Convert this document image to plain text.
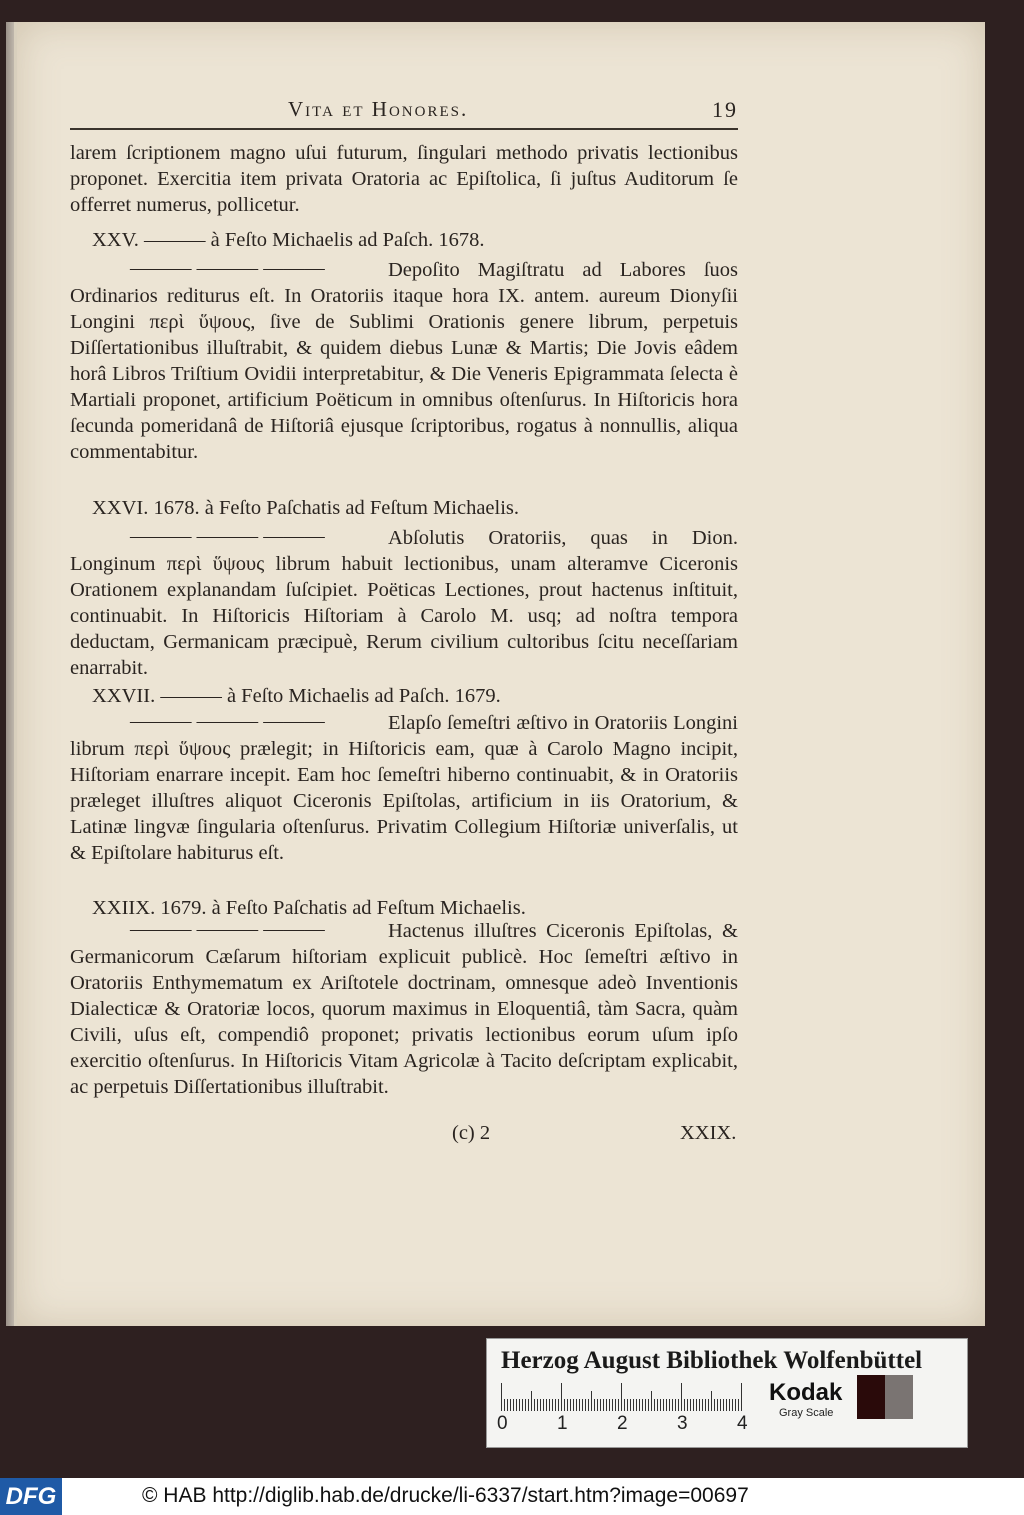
Vita et Honores.	19

larem ſcriptionem magno uſui futurum, ſingulari methodo privatis lectionibus proponet. Exercitia item privata Oratoria ac Epiſtolica, ſi juſtus Auditorum ſe offerret numerus, pollicetur.

XXV. ——— à Feſto Michaelis ad Paſch. 1678.
——— ——— ———	Depoſito Magiſtratu ad Labores ſuos Ordinarios rediturus eſt. In Oratoriis itaque hora IX. antem. aureum Dionyſii Longini περὶ ὕψους, ſive de Sublimi Orationis genere librum, perpetuis Diſſertationibus illuſtrabit, & quidem diebus Lunæ & Martis; Die Jovis eâdem horâ Libros Triſtium Ovidii interpretabitur, & Die Veneris Epigrammata ſelecta è Martiali proponet, artificium Poëticum in omnibus oſtenſurus. In Hiſtoricis hora ſecunda pomeridanâ de Hiſtoriâ ejusque ſcriptoribus, rogatus à nonnullis, aliqua commentabitur.

XXVI. 1678. à Feſto Paſchatis ad Feſtum Michaelis.
——— ——— ———	Abſolutis Oratoriis, quas in Dion. Longinum περὶ ὕψους librum habuit lectionibus, unam alteramve Ciceronis Orationem explanandam ſuſcipiet. Poëticas Lectiones, prout hactenus inſtituit, continuabit. In Hiſtoricis Hiſtoriam à Carolo M. usq; ad noſtra tempora deductam, Germanicam præcipuè, Rerum civilium cultoribus ſcitu neceſſariam enarrabit.

XXVII. ——— à Feſto Michaelis ad Paſch. 1679.
——— ——— ———	Elapſo ſemeſtri æſtivo in Oratoriis Longini librum περὶ ὕψους prælegit; in Hiſtoricis eam, quæ à Carolo Magno incipit, Hiſtoriam enarrare incepit. Eam hoc ſemeſtri hiberno continuabit, & in Oratoriis præleget illuſtres aliquot Ciceronis Epiſtolas, artificium in iis Oratorium, & Latinæ lingvæ ſingularia oſtenſurus. Privatim Collegium Hiſtoriæ univerſalis, ut & Epiſtolare habiturus eſt.

XXIIX. 1679. à Feſto Paſchatis ad Feſtum Michaelis.
——— ——— ———	Hactenus illuſtres Ciceronis Epiſtolas, & Germanicorum Cæſarum hiſtoriam explicuit publicè. Hoc ſemeſtri æſtivo in Oratoriis Enthymematum ex Ariſtotele doctrinam, omnesque adeò Inventionis Dialecticæ & Oratoriæ locos, quorum maximus in Eloquentiâ, tàm Sacra, quàm Civili, uſus eſt, compendiô proponet; privatis lectionibus eorum uſum ipſo exercitio oſtenſurus. In Hiſtoricis Vitam Agricolæ à Tacito deſcriptam explicabit, ac perpetuis Diſſertationibus illuſtrabit.

(c) 2	XXIX.
Herzog August Bibliothek Wolfenbüttel
0	1	2	3	4
Kodak
Gray Scale
DFG	© HAB http://diglib.hab.de/drucke/li-6337/start.htm?image=00697
